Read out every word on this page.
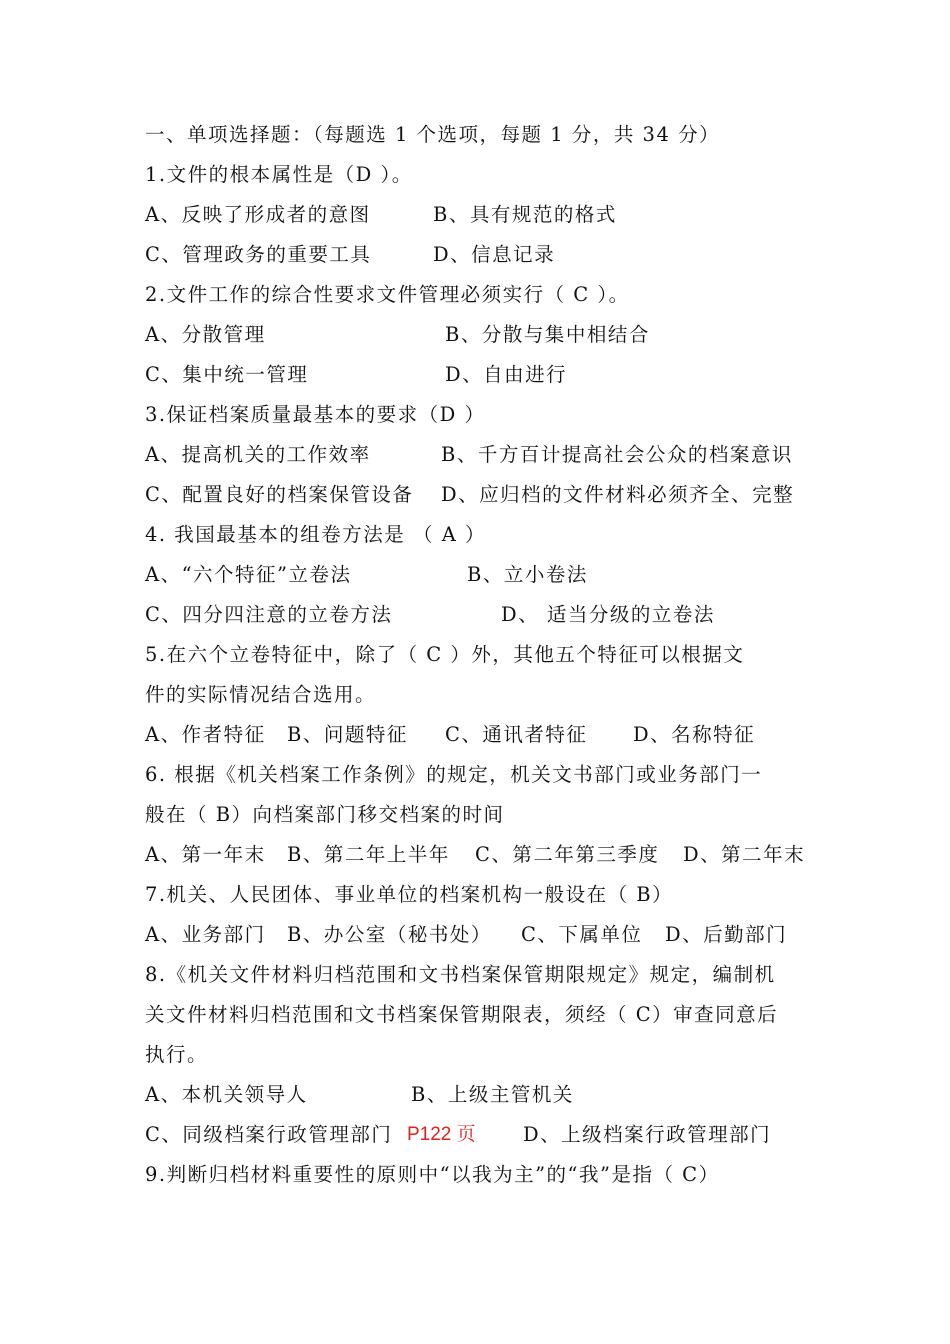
一、单项选择题：（每题选 1 个选项，每题 1 分，共 34 分）
1.文件的根本属性是（D ）。
A、反映了形成者的意图	B、具有规范的格式
C、管理政务的重要工具	D、信息记录
2.文件工作的综合性要求文件管理必须实行（ C ）。
A、分散管理	B、分散与集中相结合
C、集中统一管理	D、自由进行
3.保证档案质量最基本的要求（D ）
A、提高机关的工作效率	B、千方百计提高社会公众的档案意识
C、配置良好的档案保管设备 D、应归档的文件材料必须齐全、完整
4. 我国最基本的组卷方法是 （ A ）
A、“六个特征”立卷法	B、立小卷法
C、四分四注意的立卷方法	D、 适当分级的立卷法
5.在六个立卷特征中，除了（ C ）外，其他五个特征可以根据文
件的实际情况结合选用。
A、作者特征 B、问题特征 C、通讯者特征 D、名称特征
6. 根据《机关档案工作条例》的规定，机关文书部门或业务部门一
般在（ B）向档案部门移交档案的时间
A、第一年末 B、第二年上半年 C、第二年第三季度 D、第二年末
7.机关、人民团体、事业单位的档案机构一般设在（ B）
A、业务部门 B、办公室（秘书处） C、下属单位 D、后勤部门
8.《机关文件材料归档范围和文书档案保管期限规定》规定，编制机
关文件材料归档范围和文书档案保管期限表，须经（ C）审查同意后
执行。
A、本机关领导人	B、上级主管机关
C、同级档案行政管理部门 P122 页 D、上级档案行政管理部门
9.判断归档材料重要性的原则中“以我为主”的“我”是指（ C）
